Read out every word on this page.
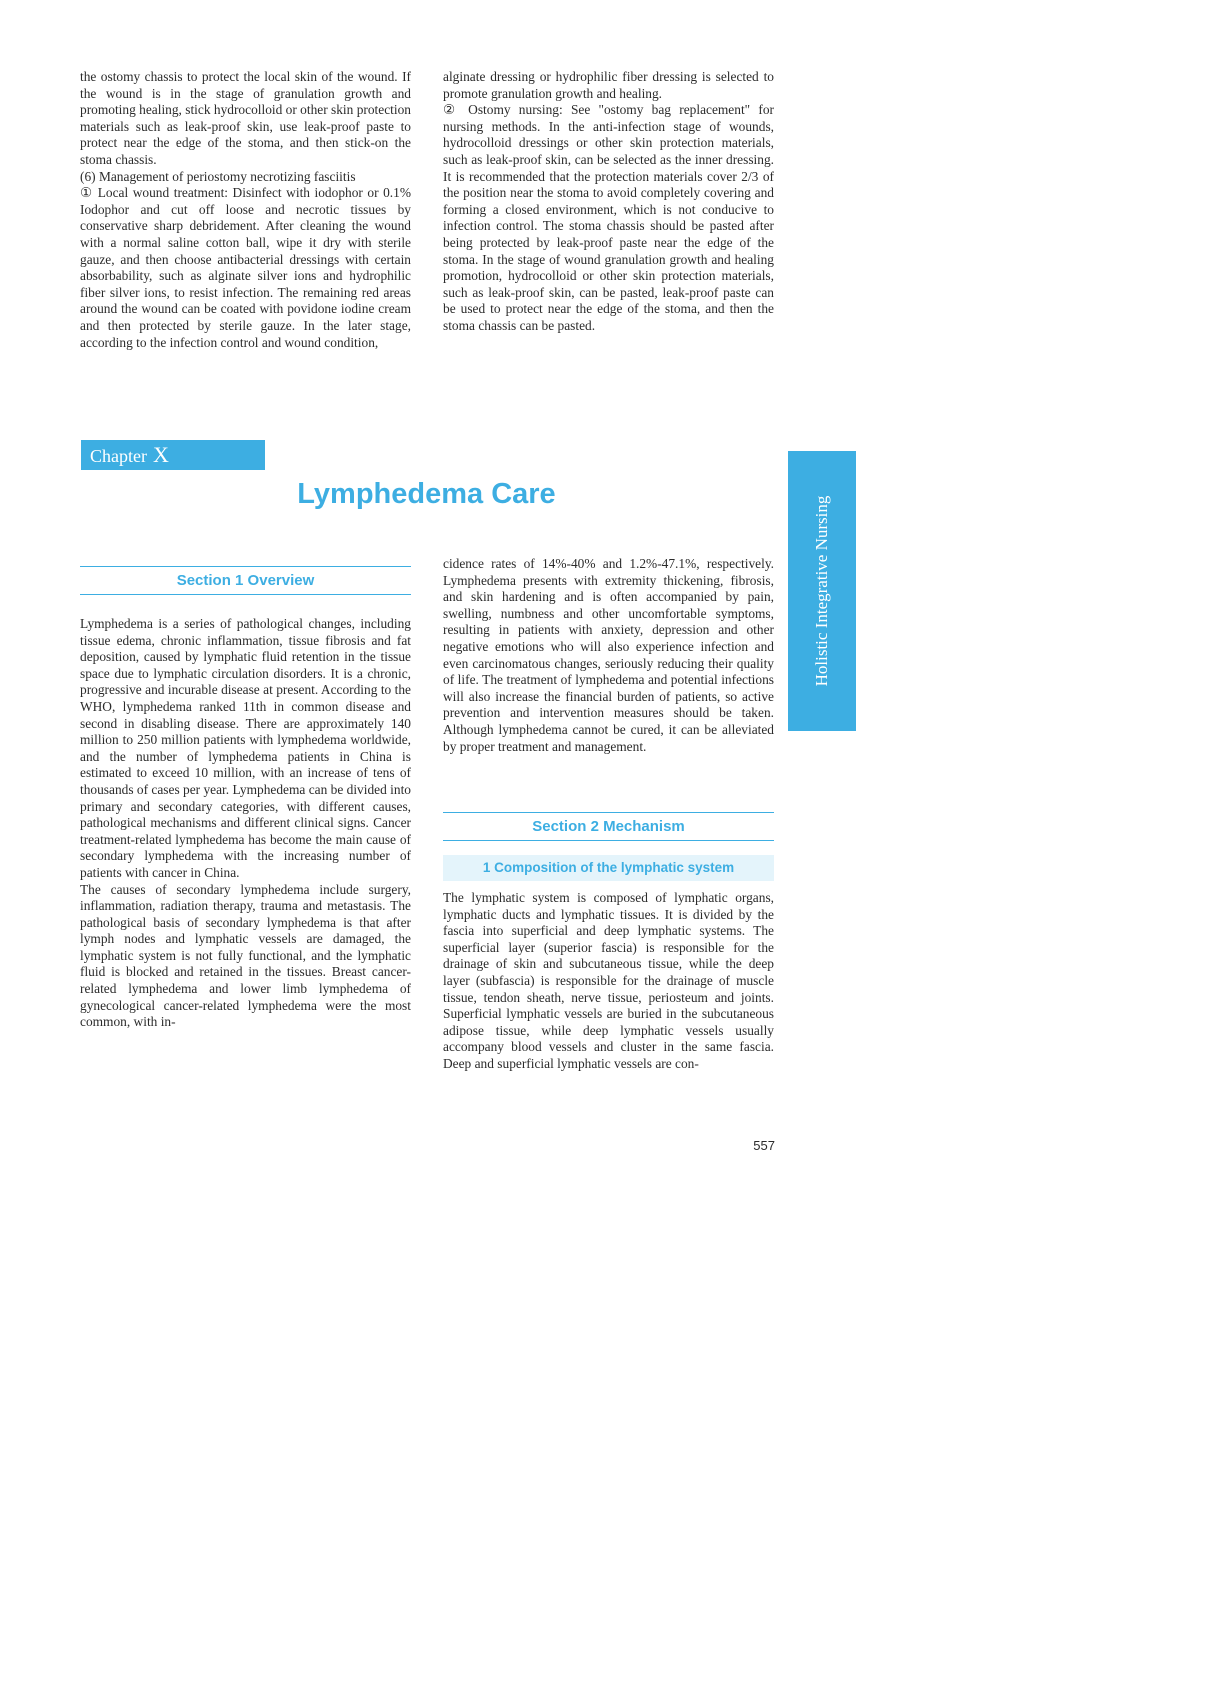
the ostomy chassis to protect the local skin of the wound. If the wound is in the stage of granulation growth and promoting healing, stick hydrocolloid or other skin protection materials such as leak-proof skin, use leak-proof paste to protect near the edge of the stoma, and then stick-on the stoma chassis.

(6) Management of periostomy necrotizing fasciitis

① Local wound treatment: Disinfect with iodophor or 0.1% Iodophor and cut off loose and necrotic tissues by conservative sharp debridement. After cleaning the wound with a normal saline cotton ball, wipe it dry with sterile gauze, and then choose antibacterial dressings with certain absorbability, such as alginate silver ions and hydrophilic fiber silver ions, to resist infection. The remaining red areas around the wound can be coated with povidone iodine cream and then protected by sterile gauze. In the later stage, according to the infection control and wound condition,

alginate dressing or hydrophilic fiber dressing is selected to promote granulation growth and healing.

② Ostomy nursing: See "ostomy bag replacement" for nursing methods. In the anti-infection stage of wounds, hydrocolloid dressings or other skin protection materials, such as leak-proof skin, can be selected as the inner dressing. It is recommended that the protection materials cover 2/3 of the position near the stoma to avoid completely covering and forming a closed environment, which is not conducive to infection control. The stoma chassis should be pasted after being protected by leak-proof paste near the edge of the stoma. In the stage of wound granulation growth and healing promotion, hydrocolloid or other skin protection materials, such as leak-proof skin, can be pasted, leak-proof paste can be used to protect near the edge of the stoma, and then the stoma chassis can be pasted.

Chapter X
Lymphedema Care
Section 1 Overview

Lymphedema is a series of pathological changes, including tissue edema, chronic inflammation, tissue fibrosis and fat deposition, caused by lymphatic fluid retention in the tissue space due to lymphatic circulation disorders. It is a chronic, progressive and incurable disease at present. According to the WHO, lymphedema ranked 11th in common disease and second in disabling disease. There are approximately 140 million to 250 million patients with lymphedema worldwide, and the number of lymphedema patients in China is estimated to exceed 10 million, with an increase of tens of thousands of cases per year. Lymphedema can be divided into primary and secondary categories, with different causes, pathological mechanisms and different clinical signs. Cancer treatment-related lymphedema has become the main cause of secondary lymphedema with the increasing number of patients with cancer in China.

The causes of secondary lymphedema include surgery, inflammation, radiation therapy, trauma and metastasis. The pathological basis of secondary lymphedema is that after lymph nodes and lymphatic vessels are damaged, the lymphatic system is not fully functional, and the lymphatic fluid is blocked and retained in the tissues. Breast cancer-related lymphedema and lower limb lymphedema of gynecological cancer-related lymphedema were the most common, with in-

cidence rates of 14%-40% and 1.2%-47.1%, respectively. Lymphedema presents with extremity thickening, fibrosis, and skin hardening and is often accompanied by pain, swelling, numbness and other uncomfortable symptoms, resulting in patients with anxiety, depression and other negative emotions who will also experience infection and even carcinomatous changes, seriously reducing their quality of life. The treatment of lymphedema and potential infections will also increase the financial burden of patients, so active prevention and intervention measures should be taken. Although lymphedema cannot be cured, it can be alleviated by proper treatment and management.

Section 2 Mechanism
1 Composition of the lymphatic system

The lymphatic system is composed of lymphatic organs, lymphatic ducts and lymphatic tissues. It is divided by the fascia into superficial and deep lymphatic systems. The superficial layer (superior fascia) is responsible for the drainage of skin and subcutaneous tissue, while the deep layer (subfascia) is responsible for the drainage of muscle tissue, tendon sheath, nerve tissue, periosteum and joints. Superficial lymphatic vessels are buried in the subcutaneous adipose tissue, while deep lymphatic vessels usually accompany blood vessels and cluster in the same fascia. Deep and superficial lymphatic vessels are con-

Holistic Integrative Nursing
557
